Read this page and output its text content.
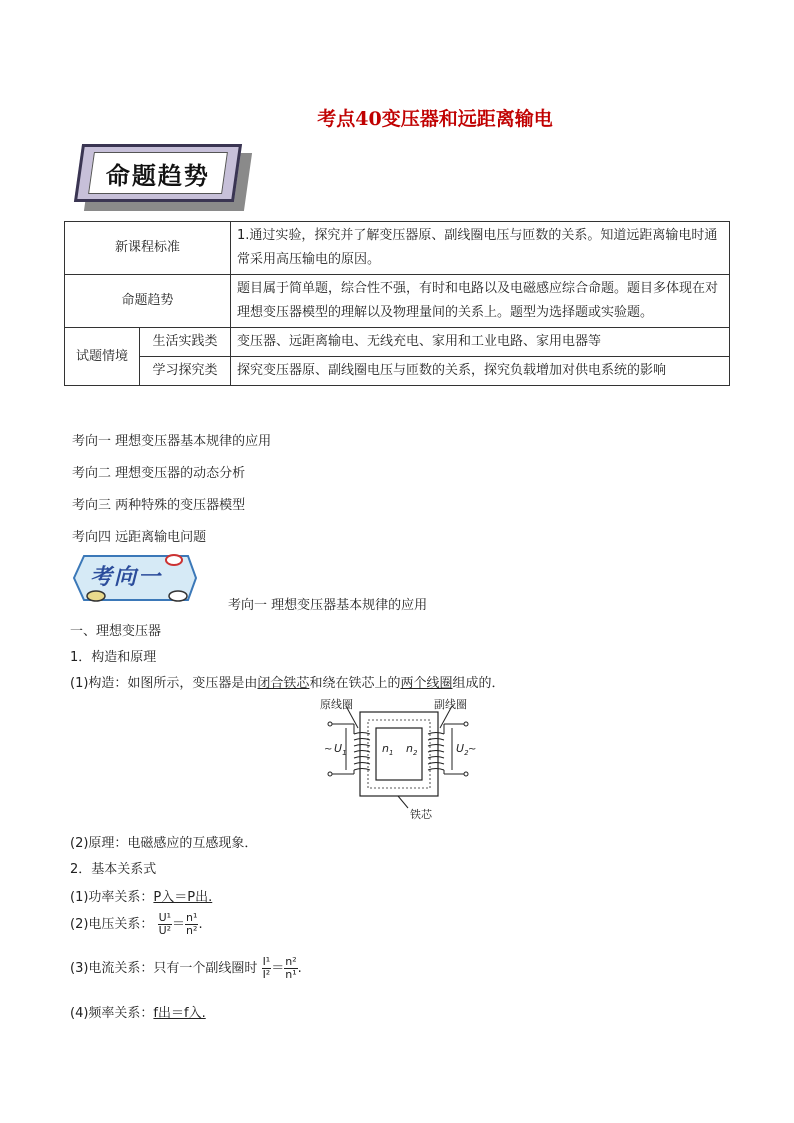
考点40变压器和远距离输电
命题趋势
新课程标准		1.通过实验，探究并了解变压器原、副线圈电压与匝数的关系。知道远距离输电时通常采用高压输电的原因。
命题趋势		题目属于简单题，综合性不强，有时和电路以及电磁感应综合命题。题目多体现在对理想变压器模型的理解以及物理量间的关系上。题型为选择题或实验题。
试题情境	生活实践类	变压器、远距离输电、无线充电、家用和工业电路、家用电器等
	学习探究类	探究变压器原、副线圈电压与匝数的关系，探究负载增加对供电系统的影响
考向一 理想变压器基本规律的应用
考向二 理想变压器的动态分析
考向三 两种特殊的变压器模型
考向四 远距离输电问题
考向一
考向一 理想变压器基本规律的应用
一、理想变压器
1．构造和原理
(1)构造：如图所示，变压器是由闭合铁芯和绕在铁芯上的两个线圈组成的．
原线圈	副线圈
铁芯
~	~
$U_1$	$U_2$
$n_1$ $n_2$
(2)原理：电磁感应的互感现象．
2．基本关系式
(1)功率关系：P入＝P出.
(2)电压关系： $\frac{\text{U¹}}{\text{U²}} = \frac{\text{n¹}}{\text{n²}}$ .
(3)电流关系：只有一个副线圈时 $\frac{\text{I¹}}{\text{I²}} = \frac{\text{n²}}{\text{n¹}}$ .
(4)频率关系：f出＝f入.
